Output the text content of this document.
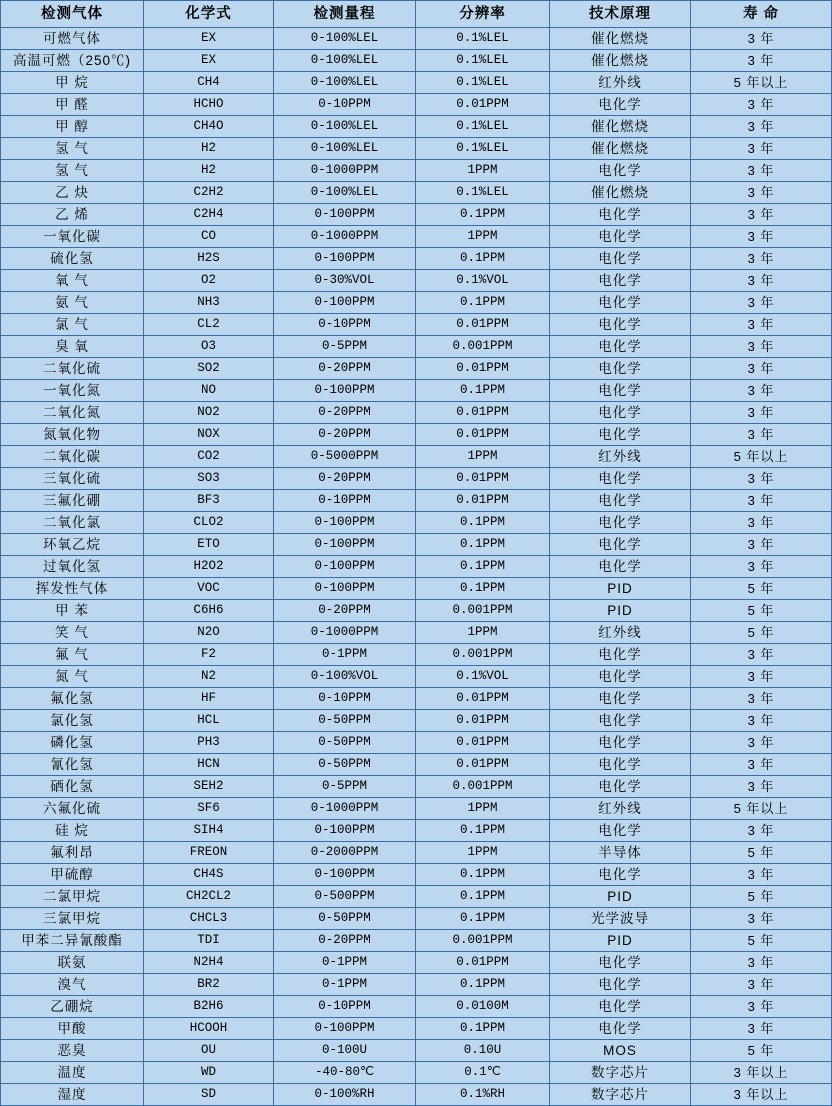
检测气体	化学式	检测量程	分辨率	技术原理	寿 命
可燃气体	EX	0-100%LEL	0.1%LEL	催化燃烧	3 年
高温可燃（250℃)	EX	0-100%LEL	0.1%LEL	催化燃烧	3 年
甲 烷	CH4	0-100%LEL	0.1%LEL	红外线	5 年以上
甲 醛	HCHO	0-10PPM	0.01PPM	电化学	3 年
甲 醇	CH4O	0-100%LEL	0.1%LEL	催化燃烧	3 年
氢 气	H2	0-100%LEL	0.1%LEL	催化燃烧	3 年
氢 气	H2	0-1000PPM	1PPM	电化学	3 年
乙 炔	C2H2	0-100%LEL	0.1%LEL	催化燃烧	3 年
乙 烯	C2H4	0-100PPM	0.1PPM	电化学	3 年
一氧化碳	CO	0-1000PPM	1PPM	电化学	3 年
硫化氢	H2S	0-100PPM	0.1PPM	电化学	3 年
氧 气	O2	0-30%VOL	0.1%VOL	电化学	3 年
氨 气	NH3	0-100PPM	0.1PPM	电化学	3 年
氯 气	CL2	0-10PPM	0.01PPM	电化学	3 年
臭 氧	O3	0-5PPM	0.001PPM	电化学	3 年
二氧化硫	SO2	0-20PPM	0.01PPM	电化学	3 年
一氧化氮	NO	0-100PPM	0.1PPM	电化学	3 年
二氧化氮	NO2	0-20PPM	0.01PPM	电化学	3 年
氮氧化物	NOX	0-20PPM	0.01PPM	电化学	3 年
二氧化碳	CO2	0-5000PPM	1PPM	红外线	5 年以上
三氧化硫	SO3	0-20PPM	0.01PPM	电化学	3 年
三氟化硼	BF3	0-10PPM	0.01PPM	电化学	3 年
二氧化氯	CLO2	0-100PPM	0.1PPM	电化学	3 年
环氧乙烷	ETO	0-100PPM	0.1PPM	电化学	3 年
过氧化氢	H2O2	0-100PPM	0.1PPM	电化学	3 年
挥发性气体	VOC	0-100PPM	0.1PPM	PID	5 年
甲 苯	C6H6	0-20PPM	0.001PPM	PID	5 年
笑 气	N2O	0-1000PPM	1PPM	红外线	5 年
氟 气	F2	0-1PPM	0.001PPM	电化学	3 年
氮 气	N2	0-100%VOL	0.1%VOL	电化学	3 年
氟化氢	HF	0-10PPM	0.01PPM	电化学	3 年
氯化氢	HCL	0-50PPM	0.01PPM	电化学	3 年
磷化氢	PH3	0-50PPM	0.01PPM	电化学	3 年
氰化氢	HCN	0-50PPM	0.01PPM	电化学	3 年
硒化氢	SEH2	0-5PPM	0.001PPM	电化学	3 年
六氟化硫	SF6	0-1000PPM	1PPM	红外线	5 年以上
硅 烷	SIH4	0-100PPM	0.1PPM	电化学	3 年
氟利昂	FREON	0-2000PPM	1PPM	半导体	5 年
甲硫醇	CH4S	0-100PPM	0.1PPM	电化学	3 年
二氯甲烷	CH2CL2	0-500PPM	0.1PPM	PID	5 年
三氯甲烷	CHCL3	0-50PPM	0.1PPM	光学波导	3 年
甲苯二异氰酸酯	TDI	0-20PPM	0.001PPM	PID	5 年
联氨	N2H4	0-1PPM	0.01PPM	电化学	3 年
溴气	BR2	0-1PPM	0.1PPM	电化学	3 年
乙硼烷	B2H6	0-10PPM	0.0100M	电化学	3 年
甲酸	HCOOH	0-100PPM	0.1PPM	电化学	3 年
恶臭	OU	0-100U	0.10U	MOS	5 年
温度	WD	-40-80℃	0.1℃	数字芯片	3 年以上
湿度	SD	0-100%RH	0.1%RH	数字芯片	3 年以上
